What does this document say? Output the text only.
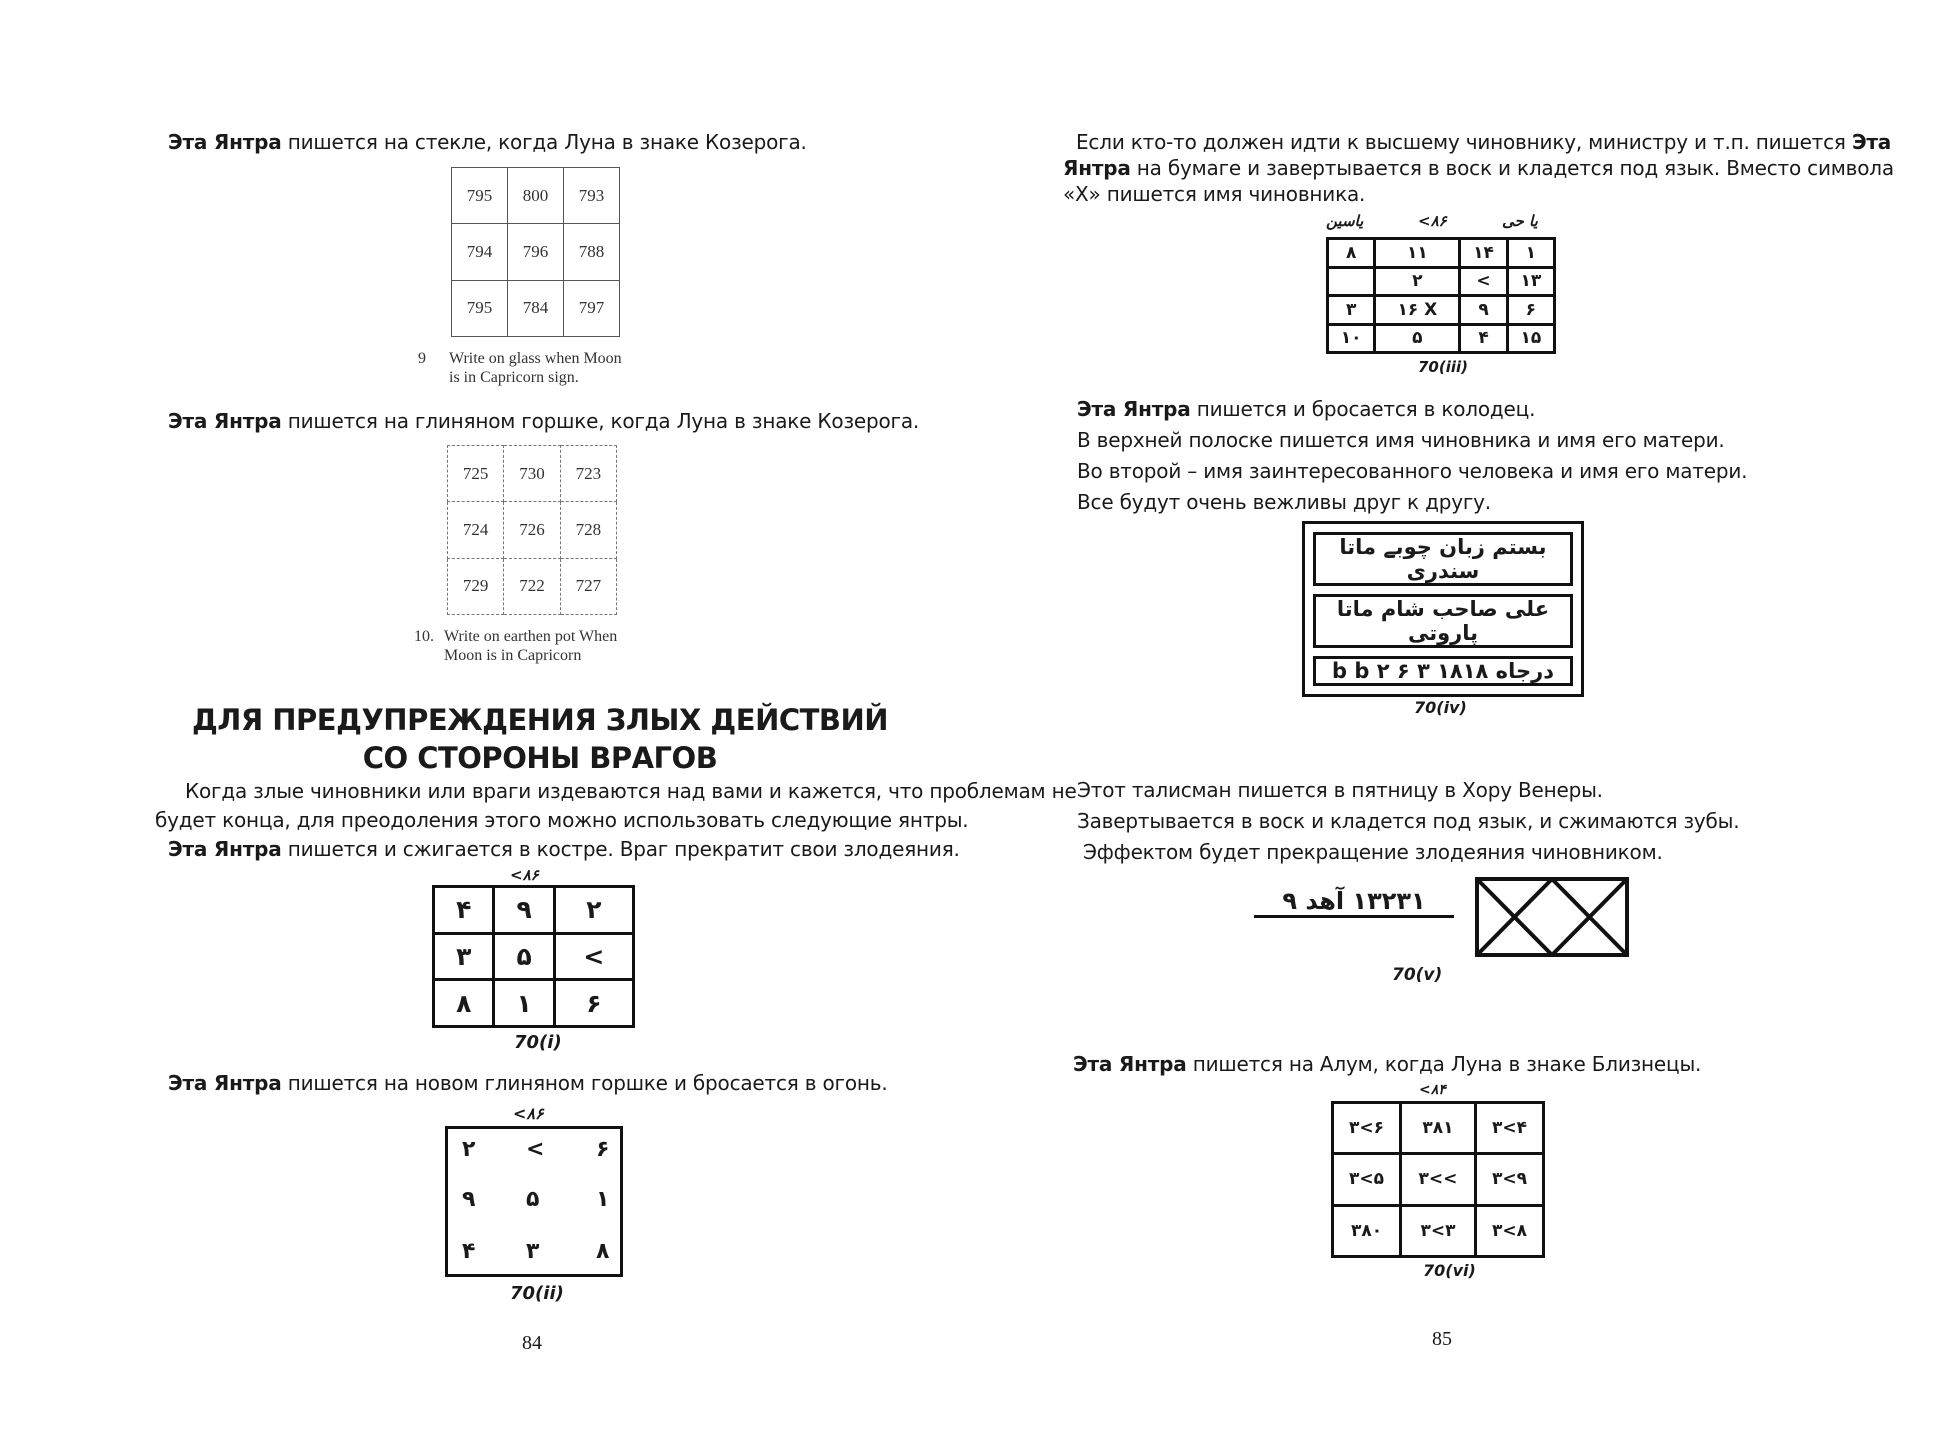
Эта Янтра пишется на стекле, когда Луна в знаке Козерога.
795	800	793
794	796	788
795	784	797
9 Write on glass when Moon
is in Capricorn sign.
Эта Янтра пишется на глиняном горшке, когда Луна в знаке Козерога.
725	730	723
724	726	728
729	722	727
10. Write on earthen pot When
Moon is in Capricorn
ДЛЯ ПРЕДУПРЕЖДЕНИЯ ЗЛЫХ ДЕЙСТВИЙ
СО СТОРОНЫ ВРАГОВ
Когда злые чиновники или враги издеваются над вами и кажется, что проблемам не
будет конца, для преодоления этого можно использовать следующие янтры.
Эта Янтра пишется и сжигается в костре. Враг прекратит свои злодеяния.
<۸۶
۴	۹	۲
۳	۵	<
۸	۱	۶
70(i)
Эта Янтра пишется на новом глиняном горшке и бросается в огонь.
<۸۶
۲ < ۶
۹ ۵	۱
۴ ۳	۸
70(ii)
84
Если кто-то должен идти к высшему чиновнику, министру и т.п. пишется Эта
Янтра на бумаге и завертывается в воск и кладется под язык. Вместо символа
«X» пишется имя чиновника.
یاسین	<۸۶	یا حی
۸	۱۱	۱۴	۱
	۲	<	۱۳
۳	۱۶ X	۹	۶
۱۰	۵	۴	۱۵
70(iii)
Эта Янтра пишется и бросается в колодец.
В верхней полоске пишется имя чиновника и имя его матери.
Во второй – имя заинтересованного человека и имя его матери.
Все будут очень вежливы друг к другу.
بستم زبان چوبے ماتا سندری
على صاحب شام ماتا پاروتی
درجاه ۱۸۱۸ b b ۲ ۶ ۳
70(iv)
Этот талисман пишется в пятницу в Хору Венеры.
Завертывается в воск и кладется под язык, и сжимаются зубы.
Эффектом будет прекращение злодеяния чиновником.
۱۳۲۳۱ آهد ۹
70(v)
Эта Янтра пишется на Алум, когда Луна в знаке Близнецы.
<۸۴
۳<۶	۳۸۱	۳<۴
۳<۵	۳<<	۳<۹
۳۸۰	۳<۳	۳<۸
70(vi)
85
